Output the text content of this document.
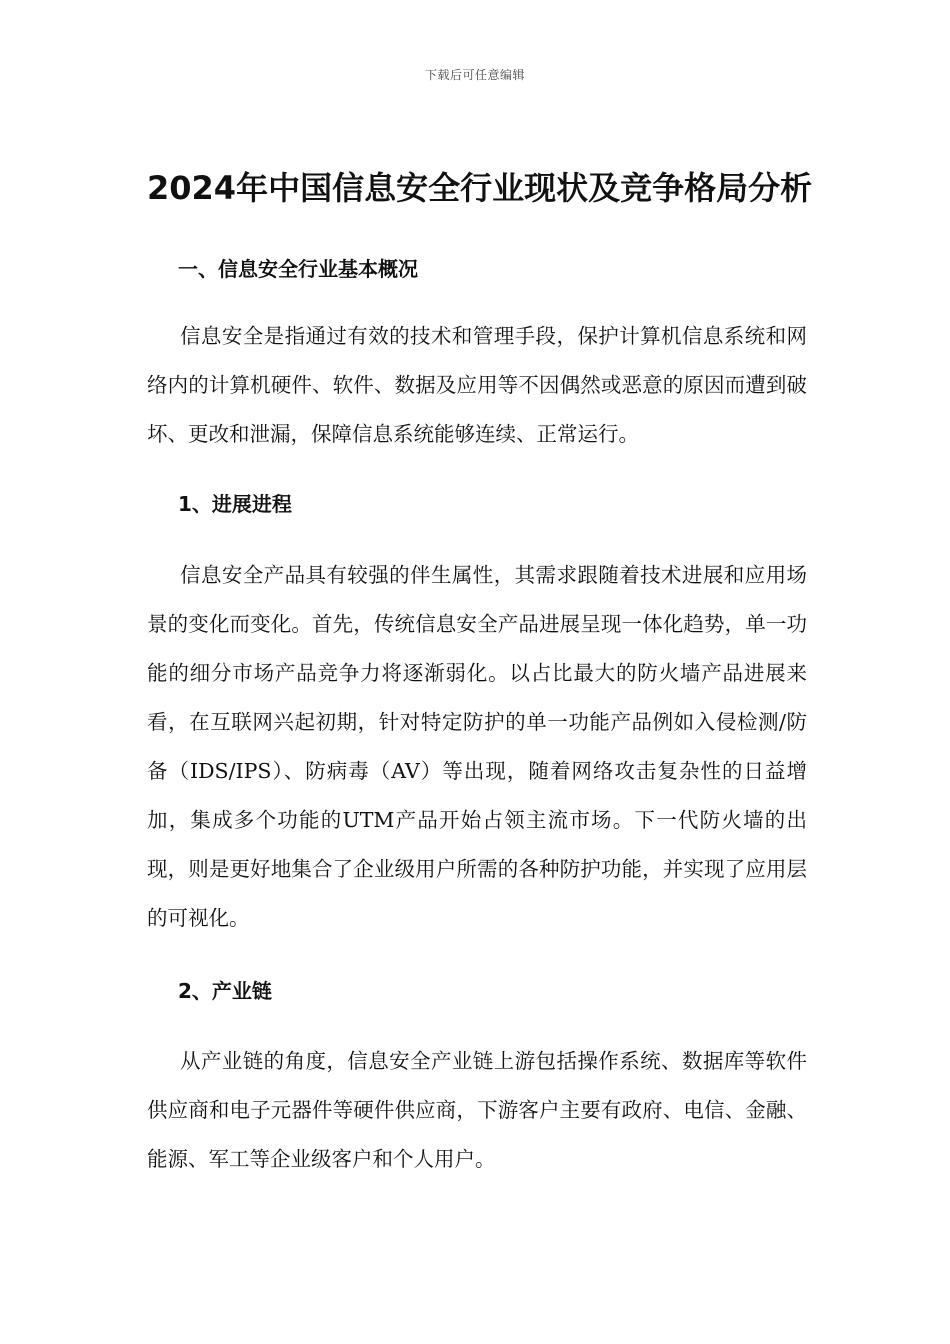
下载后可任意编辑
2024年中国信息安全行业现状及竞争格局分析
一、信息安全行业基本概况

信息安全是指通过有效的技术和管理手段，保护计算机信息系统和网络内的计算机硬件、软件、数据及应用等不因偶然或恶意的原因而遭到破坏、更改和泄漏，保障信息系统能够连续、正常运行。

1、进展进程

信息安全产品具有较强的伴生属性，其需求跟随着技术进展和应用场景的变化而变化。首先，传统信息安全产品进展呈现一体化趋势，单一功能的细分市场产品竞争力将逐渐弱化。以占比最大的防火墙产品进展来看，在互联网兴起初期，针对特定防护的单一功能产品例如入侵检测/防备（IDS/IPS）、防病毒（AV）等出现，随着网络攻击复杂性的日益增加，集成多个功能的UTM产品开始占领主流市场。下一代防火墙的出现，则是更好地集合了企业级用户所需的各种防护功能，并实现了应用层的可视化。

2、产业链

从产业链的角度，信息安全产业链上游包括操作系统、数据库等软件供应商和电子元器件等硬件供应商，下游客户主要有政府、电信、金融、能源、军工等企业级客户和个人用户。
